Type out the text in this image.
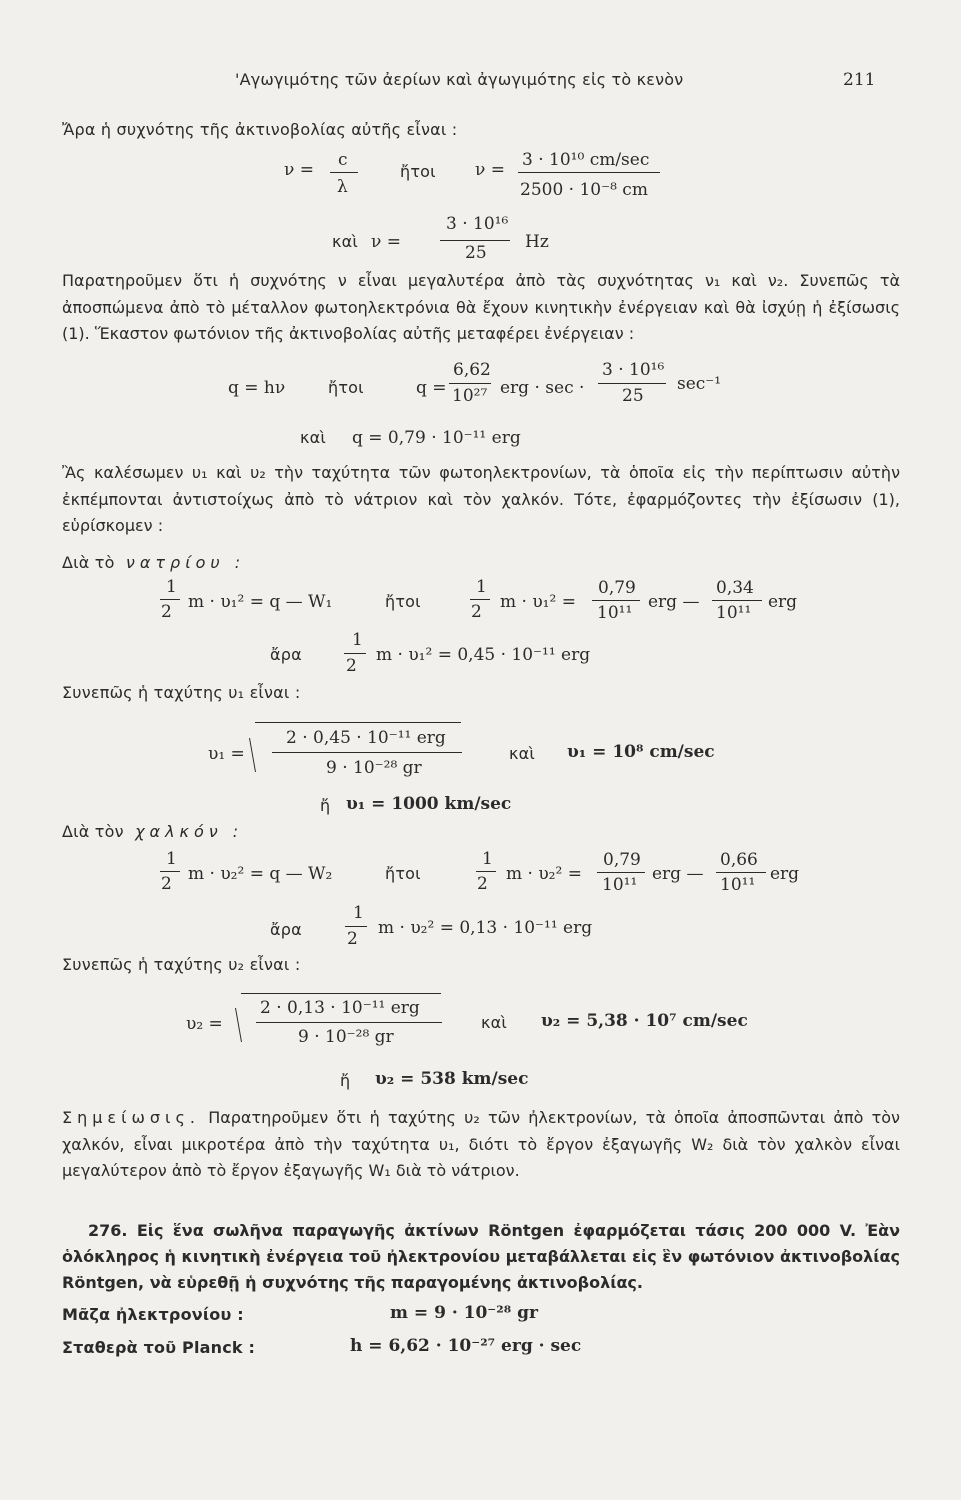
'Αγωγιμότης τῶν ἀερίων καὶ ἀγωγιμότης εἰς τὸ κενὸν	211
Ἄρα ἡ συχνότης τῆς ἀκτινοβολίας αὐτῆς εἶναι :
ν = c
λ
ἤτοι ν = 3 · 10¹⁰ cm/sec
2500 · 10⁻⁸ cm
καὶ ν =
3 · 10¹⁶
25
Hz
Παρατηροῦμεν ὅτι ἡ συχνότης ν εἶναι μεγαλυτέρα ἀπὸ τὰς συχνότητας ν₁ καὶ ν₂. Συνεπῶς τὰ ἀποσπώμενα ἀπὸ τὸ μέταλλον φωτοηλεκτρόνια θὰ ἔχουν κινητικὴν ἐνέργειαν καὶ θὰ ἰσχύῃ ἡ ἐξίσωσις (1). Ἕκαστον φωτόνιον τῆς ἀκτινοβολίας αὐτῆς μεταφέρει ἐνέργειαν :
q = hν	ἤτοι	q =
6,62
10²⁷ erg · sec ·
3 · 10¹⁶
25
sec⁻¹
καὶ q = 0,79 · 10⁻¹¹ erg
Ἂς καλέσωμεν υ₁ καὶ υ₂ τὴν ταχύτητα τῶν φωτοηλεκτρονίων, τὰ ὁποῖα εἰς τὴν περίπτωσιν αὐτὴν ἐκπέμπονται ἀντιστοίχως ἀπὸ τὸ νάτριον καὶ τὸν χαλκόν. Τότε, ἐφαρμόζοντες τὴν ἐξίσωσιν (1), εὑρίσκομεν :
Διὰ τὸ νατρίου :
1
2 m · υ₁² = q — W₁	ἤτοι
1
2 m · υ₁² =
0,79
10¹¹
erg —
0,34
10¹¹
erg
ἄρα
1
2
m · υ₁² = 0,45 · 10⁻¹¹ erg
Συνεπῶς ἡ ταχύτης υ₁ εἶναι :
υ₁ =
2 · 0,45 · 10⁻¹¹ erg
9 · 10⁻²⁸ gr
καὶ υ₁ = 10⁸ cm/sec
ἤ υ₁ = 1000 km/sec
Διὰ τὸν χαλκόν :
1
2 m · υ₂² = q — W₂	ἤτοι
1
2 m · υ₂² =
0,79
10¹¹
erg —
0,66
10¹¹
erg
ἄρα
1
2
m · υ₂² = 0,13 · 10⁻¹¹ erg
Συνεπῶς ἡ ταχύτης υ₂ εἶναι :
υ₂ =
2 · 0,13 · 10⁻¹¹ erg
9 · 10⁻²⁸ gr
καὶ υ₂ = 5,38 · 10⁷ cm/sec
ἤ υ₂ = 538 km/sec
Σημείωσις. Παρατηροῦμεν ὅτι ἡ ταχύτης υ₂ τῶν ἠλεκτρονίων, τὰ ὁποῖα ἀποσπῶνται ἀπὸ τὸν χαλκόν, εἶναι μικροτέρα ἀπὸ τὴν ταχύτητα υ₁, διότι τὸ ἔργον ἐξαγωγῆς W₂ διὰ τὸν χαλκὸν εἶναι μεγαλύτερον ἀπὸ τὸ ἔργον ἐξαγωγῆς W₁ διὰ τὸ νάτριον.
276. Εἰς ἕνα σωλῆνα παραγωγῆς ἀκτίνων Röntgen ἐφαρμόζεται τάσις 200 000 V. Ἐὰν ὁλόκληρος ἡ κινητικὴ ἐνέργεια τοῦ ἠλεκτρονίου μεταβάλλεται εἰς ἓν φωτόνιον ἀκτινοβολίας Röntgen, νὰ εὑρεθῇ ἡ συχνότης τῆς παραγομένης ἀκτινοβολίας.
Μᾶζα ἠλεκτρονίου :	m = 9 · 10⁻²⁸ gr
Σταθερὰ τοῦ Planck :	h = 6,62 · 10⁻²⁷ erg · sec
